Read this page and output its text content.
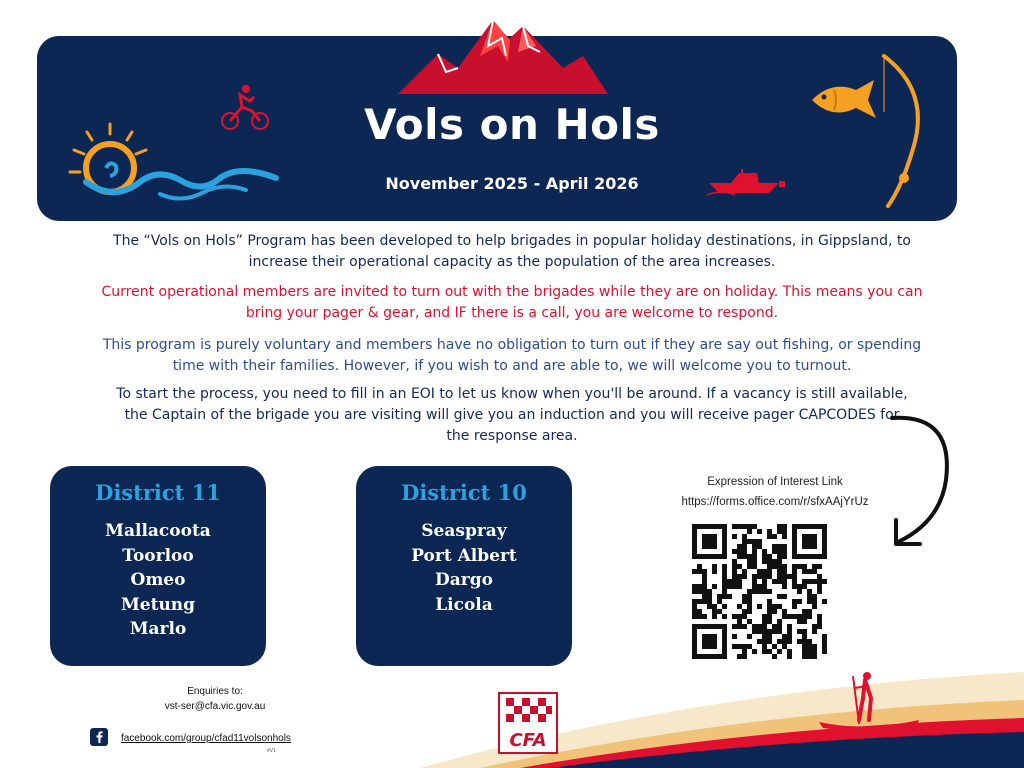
Vols on Hols
November 2025 - April 2026
The “Vols on Hols” Program has been developed to help brigades in popular holiday destinations, in Gippsland, to increase their operational capacity as the population of the area increases.
Current operational members are invited to turn out with the brigades while they are on holiday. This means you can bring your pager & gear, and IF there is a call, you are welcome to respond.
This program is purely voluntary and members have no obligation to turn out if they are say out fishing, or spending time with their families. However, if you wish to and are able to, we will welcome you to turnout.
To start the process, you need to fill in an EOI to let us know when you'll be around. If a vacancy is still available, the Captain of the brigade you are visiting will give you an induction and you will receive pager CAPCODES for the response area.
District 11
Mallacoota
Toorloo
Omeo
Metung
Marlo
District 10
Seaspray
Port Albert
Dargo
Licola
Expression of Interest Link
https://forms.office.com/r/sfxAAjYrUz
Enquiries to:
vst-ser@cfa.vic.gov.au
facebook.com/group/cfad11volsonhols
#V1	CFA
